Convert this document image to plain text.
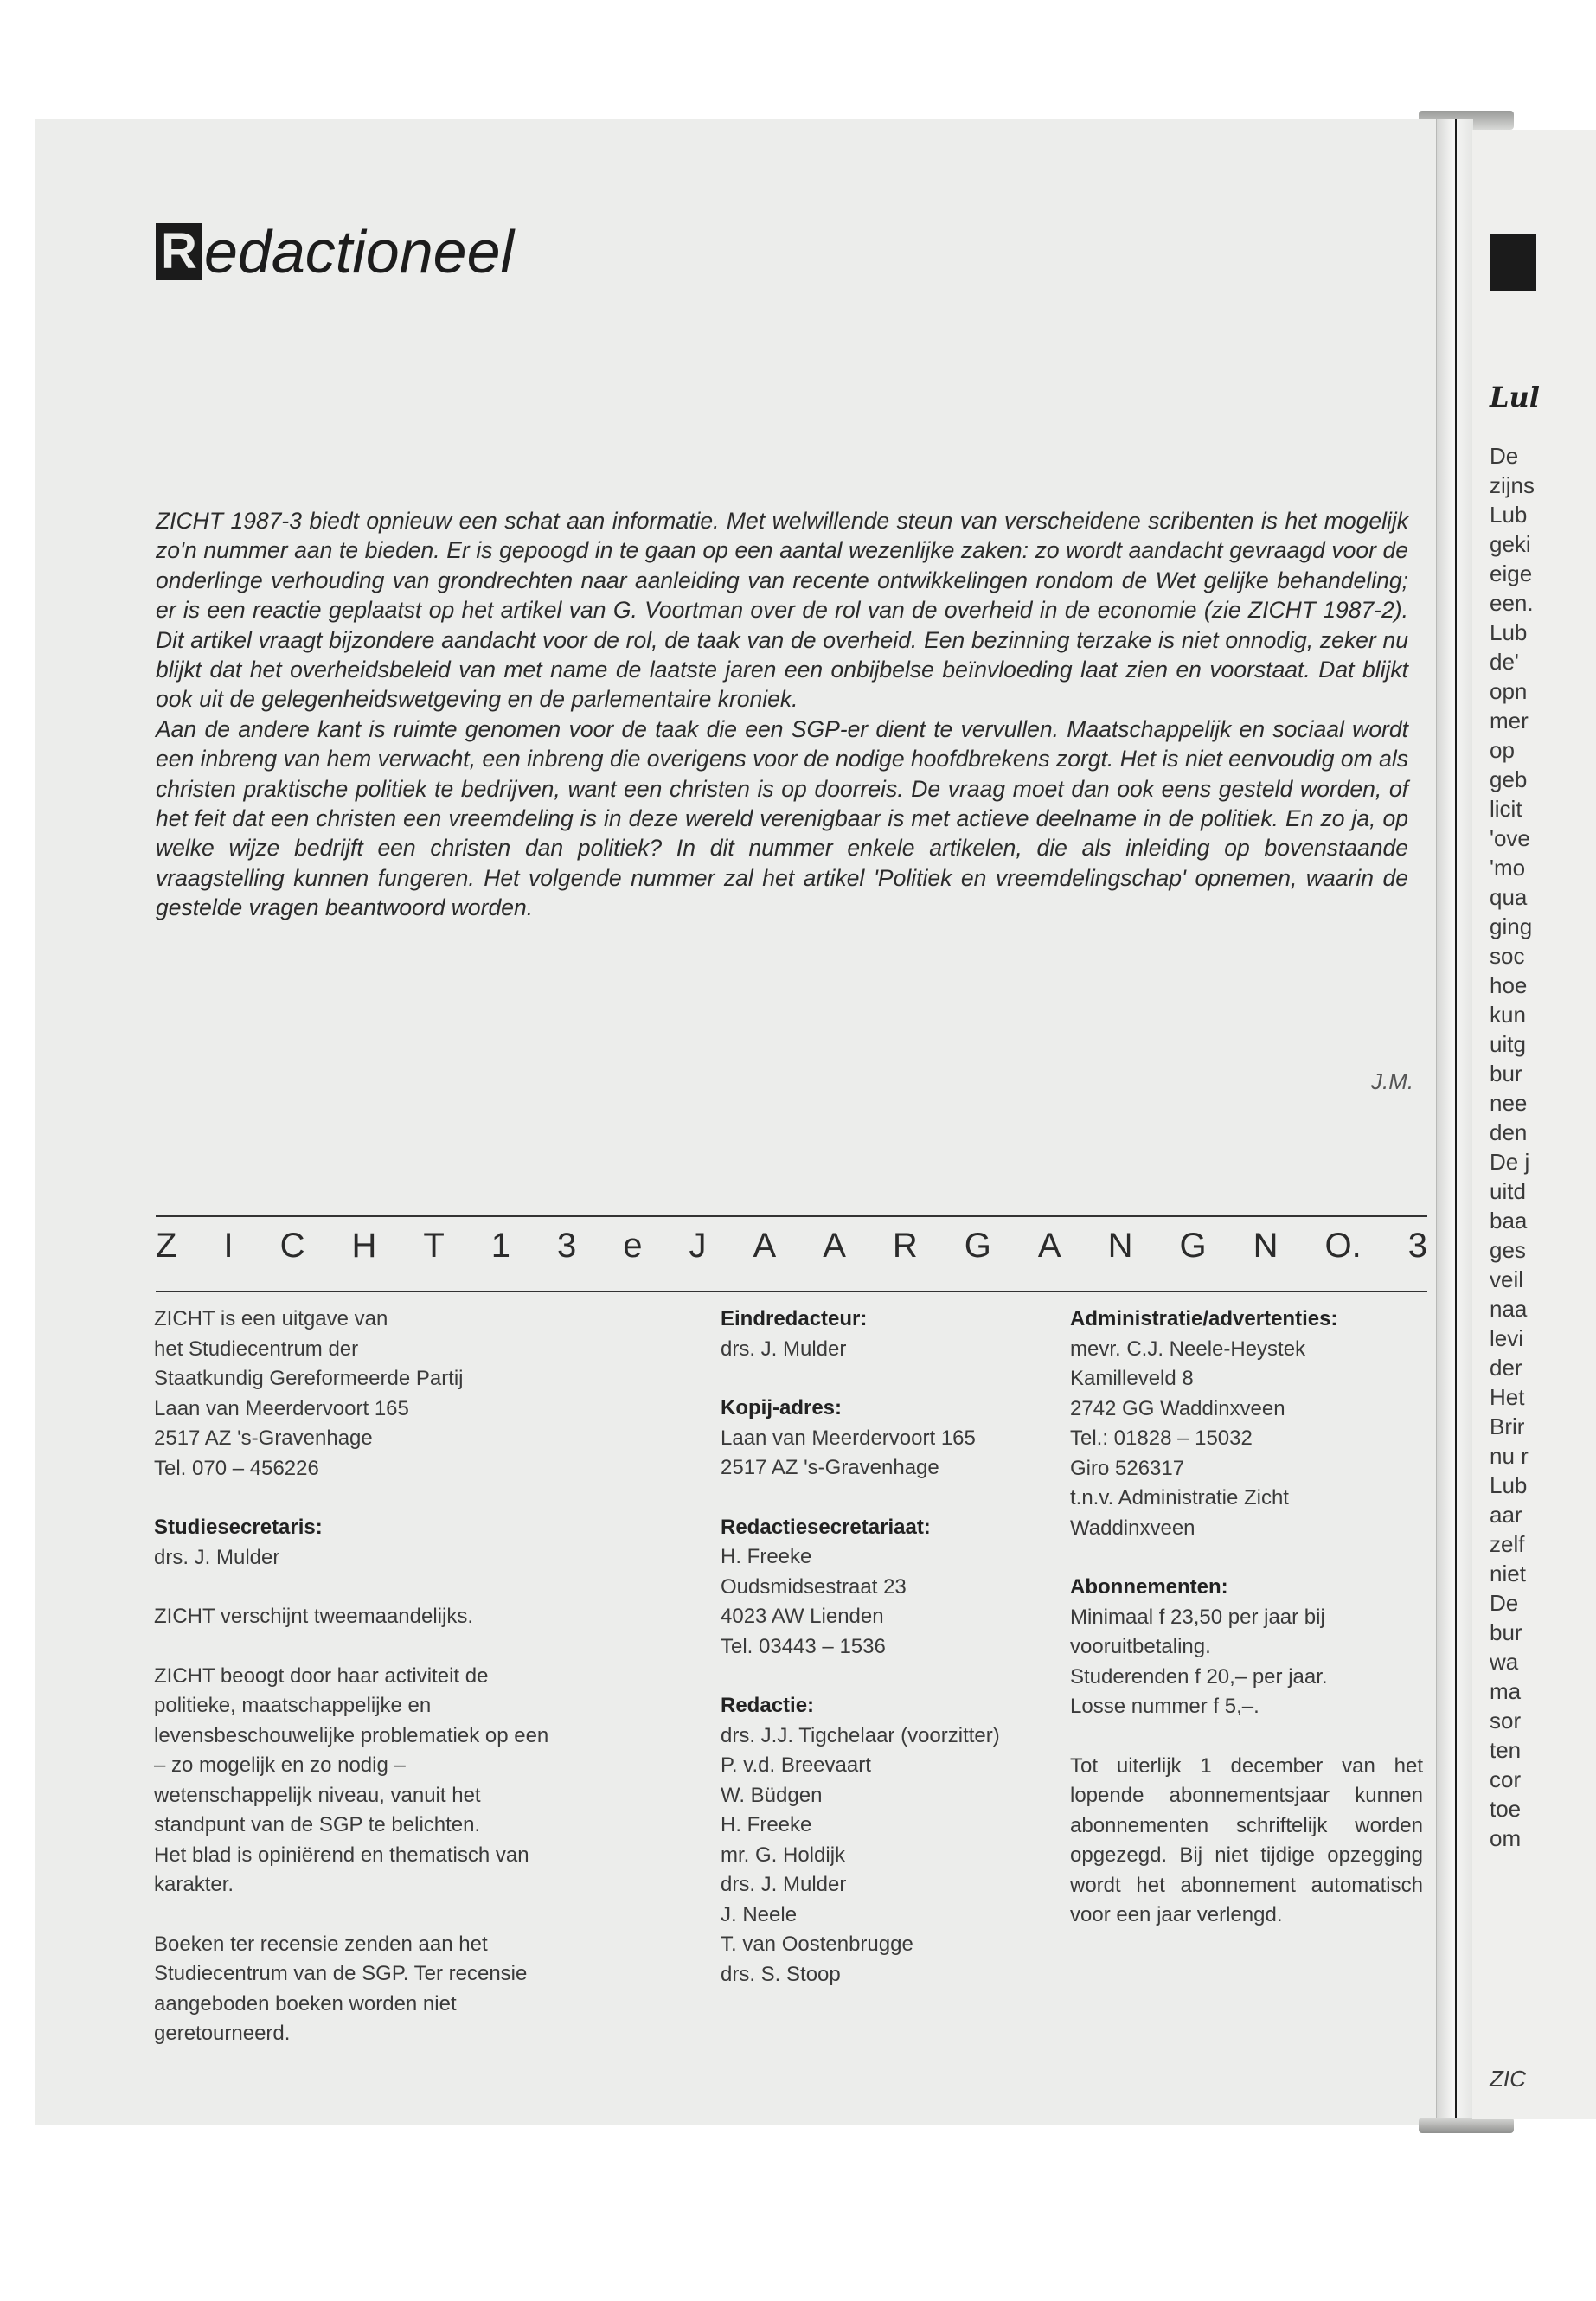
R edactioneel

ZICHT 1987-3 biedt opnieuw een schat aan informatie. Met welwillende steun van verscheidene scribenten is het mogelijk zo'n nummer aan te bieden. Er is gepoogd in te gaan op een aantal wezenlijke zaken: zo wordt aandacht gevraagd voor de onderlinge verhouding van grondrechten naar aanleiding van recente ontwikkelingen rondom de Wet gelijke behandeling; er is een reactie geplaatst op het artikel van G. Voortman over de rol van de overheid in de economie (zie ZICHT 1987-2). Dit artikel vraagt bijzondere aandacht voor de rol, de taak van de overheid. Een bezinning terzake is niet onnodig, zeker nu blijkt dat het overheidsbeleid van met name de laatste jaren een onbijbelse beïnvloeding laat zien en voorstaat. Dat blijkt ook uit de gelegenheidswetgeving en de parlementaire kroniek.

Aan de andere kant is ruimte genomen voor de taak die een SGP-er dient te vervullen. Maatschappelijk en sociaal wordt een inbreng van hem verwacht, een inbreng die overigens voor de nodige hoofdbrekens zorgt. Het is niet eenvoudig om als christen praktische politiek te bedrijven, want een christen is op doorreis. De vraag moet dan ook eens gesteld worden, of het feit dat een christen een vreemdeling is in deze wereld verenigbaar is met actieve deelname in de politiek. En zo ja, op welke wijze bedrijft een christen dan politiek? In dit nummer enkele artikelen, die als inleiding op bovenstaande vraagstelling kunnen fungeren. Het volgende nummer zal het artikel 'Politiek en vreemdelingschap' opnemen, waarin de gestelde vragen beantwoord worden.

J.M.
Z I C H T 1 3 e J A A R G A N G N O. 3
ZICHT is een uitgave van
het Studiecentrum der
Staatkundig Gereformeerde Partij
Laan van Meerdervoort 165
2517 AZ 's-Gravenhage
Tel. 070 – 456226
Studiesecretaris:
drs. J. Mulder
ZICHT verschijnt tweemaandelijks.
ZICHT beoogt door haar activiteit de
politieke, maatschappelijke en
levensbeschouwelijke problematiek op een
– zo mogelijk en zo nodig –
wetenschappelijk niveau, vanuit het
standpunt van de SGP te belichten.
Het blad is opiniërend en thematisch van
karakter.
Boeken ter recensie zenden aan het
Studiecentrum van de SGP. Ter recensie
aangeboden boeken worden niet
geretourneerd.
Eindredacteur:
drs. J. Mulder
Kopij-adres:
Laan van Meerdervoort 165
2517 AZ 's-Gravenhage
Redactiesecretariaat:
H. Freeke
Oudsmidsestraat 23
4023 AW Lienden
Tel. 03443 – 1536
Redactie:
drs. J.J. Tigchelaar (voorzitter)
P. v.d. Breevaart
W. Büdgen
H. Freeke
mr. G. Holdijk
drs. J. Mulder
J. Neele
T. van Oostenbrugge
drs. S. Stoop
Administratie/advertenties:
mevr. C.J. Neele-Heystek
Kamilleveld 8
2742 GG Waddinxveen
Tel.: 01828 – 15032
Giro 526317
t.n.v. Administratie Zicht
Waddinxveen
Abonnementen:
Minimaal f 23,50 per jaar bij
vooruitbetaling.
Studerenden f 20,– per jaar.
Losse nummer f 5,–.
Tot uiterlijk 1 december van het lopende abonnementsjaar kunnen abonnementen schriftelijk worden opgezegd. Bij niet tijdige opzegging wordt het abonnement automatisch voor een jaar verlengd.
Lul
De
zijns
Lub
geki
eige
een.
Lub
de'
opn
mer
op
geb
licit
'ove
'mo
qua
ging
soc
hoe
kun
uitg
bur
nee
den
De j
uitd
baa
ges
veil
naa
levi
der
Het
Brir
nu r
Lub
aar
zelf
niet
De
bur
wa
ma
sor
ten
cor
toe
om
ZIC
